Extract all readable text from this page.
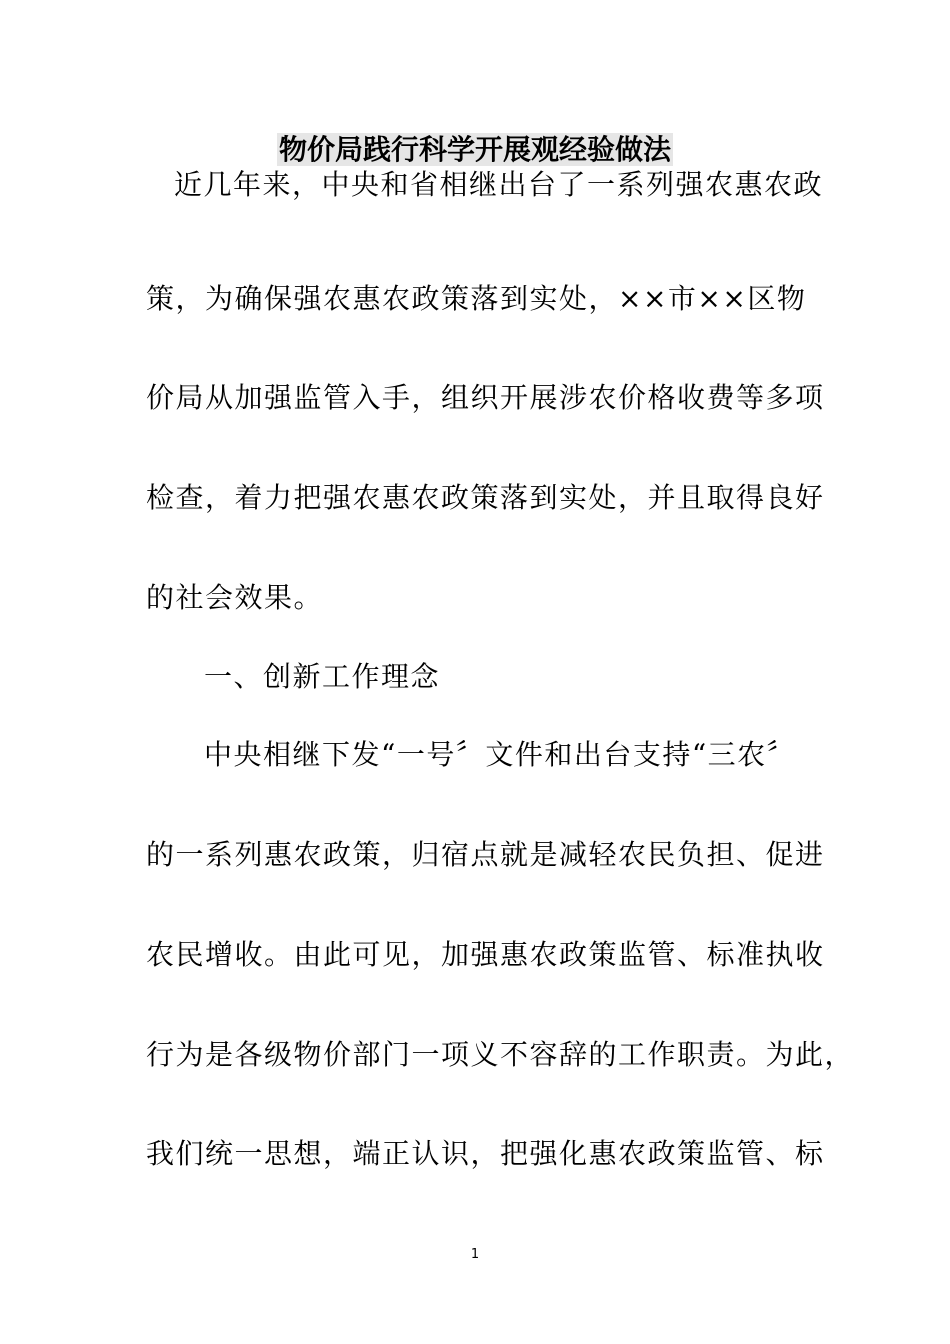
物价局践行科学开展观经验做法
近几年来，中央和省相继出台了一系列强农惠农政
策，为确保强农惠农政策落到实处，××市××区物
价局从加强监管入手，组织开展涉农价格收费等多项
检查，着力把强农惠农政策落到实处，并且取得良好
的社会效果。
一、创新工作理念
中央相继下发“一号〞文件和出台支持“三农〞
的一系列惠农政策，归宿点就是减轻农民负担、促进
农民增收。由此可见，加强惠农政策监管、标准执收
行为是各级物价部门一项义不容辞的工作职责。为此，
我们统一思想，端正认识，把强化惠农政策监管、标
1
